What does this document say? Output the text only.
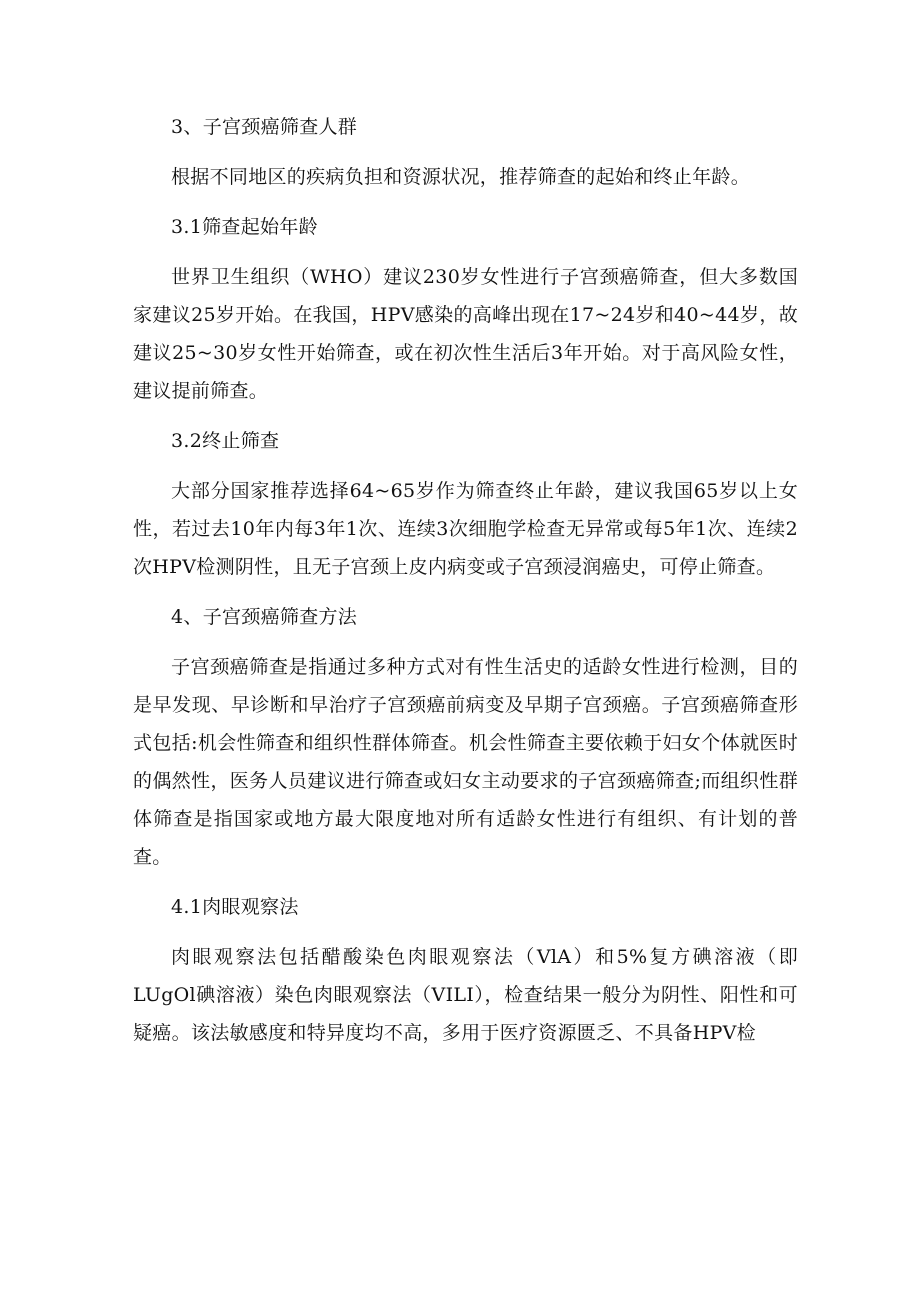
3、子宫颈癌筛查人群

根据不同地区的疾病负担和资源状况，推荐筛查的起始和终止年龄。

3.1筛查起始年龄

世界卫生组织（WHO）建议230岁女性进行子宫颈癌筛查，但大多数国家建议25岁开始。在我国，HPV感染的高峰出现在17~24岁和40~44岁，故建议25~30岁女性开始筛查，或在初次性生活后3年开始。对于高风险女性，建议提前筛查。

3.2终止筛查

大部分国家推荐选择64~65岁作为筛查终止年龄，建议我国65岁以上女性，若过去10年内每3年1次、连续3次细胞学检查无异常或每5年1次、连续2次HPV检测阴性，且无子宫颈上皮内病变或子宫颈浸润癌史，可停止筛查。

4、子宫颈癌筛查方法

子宫颈癌筛查是指通过多种方式对有性生活史的适龄女性进行检测，目的是早发现、早诊断和早治疗子宫颈癌前病变及早期子宫颈癌。子宫颈癌筛查形式包括:机会性筛查和组织性群体筛查。机会性筛查主要依赖于妇女个体就医时的偶然性，医务人员建议进行筛查或妇女主动要求的子宫颈癌筛查;而组织性群体筛查是指国家或地方最大限度地对所有适龄女性进行有组织、有计划的普查。

4.1肉眼观察法

肉眼观察法包括醋酸染色肉眼观察法（VlA）和5%复方碘溶液（即LUgOl碘溶液）染色肉眼观察法（VILI），检查结果一般分为阴性、阳性和可疑癌。该法敏感度和特异度均不高，多用于医疗资源匮乏、不具备HPV检
